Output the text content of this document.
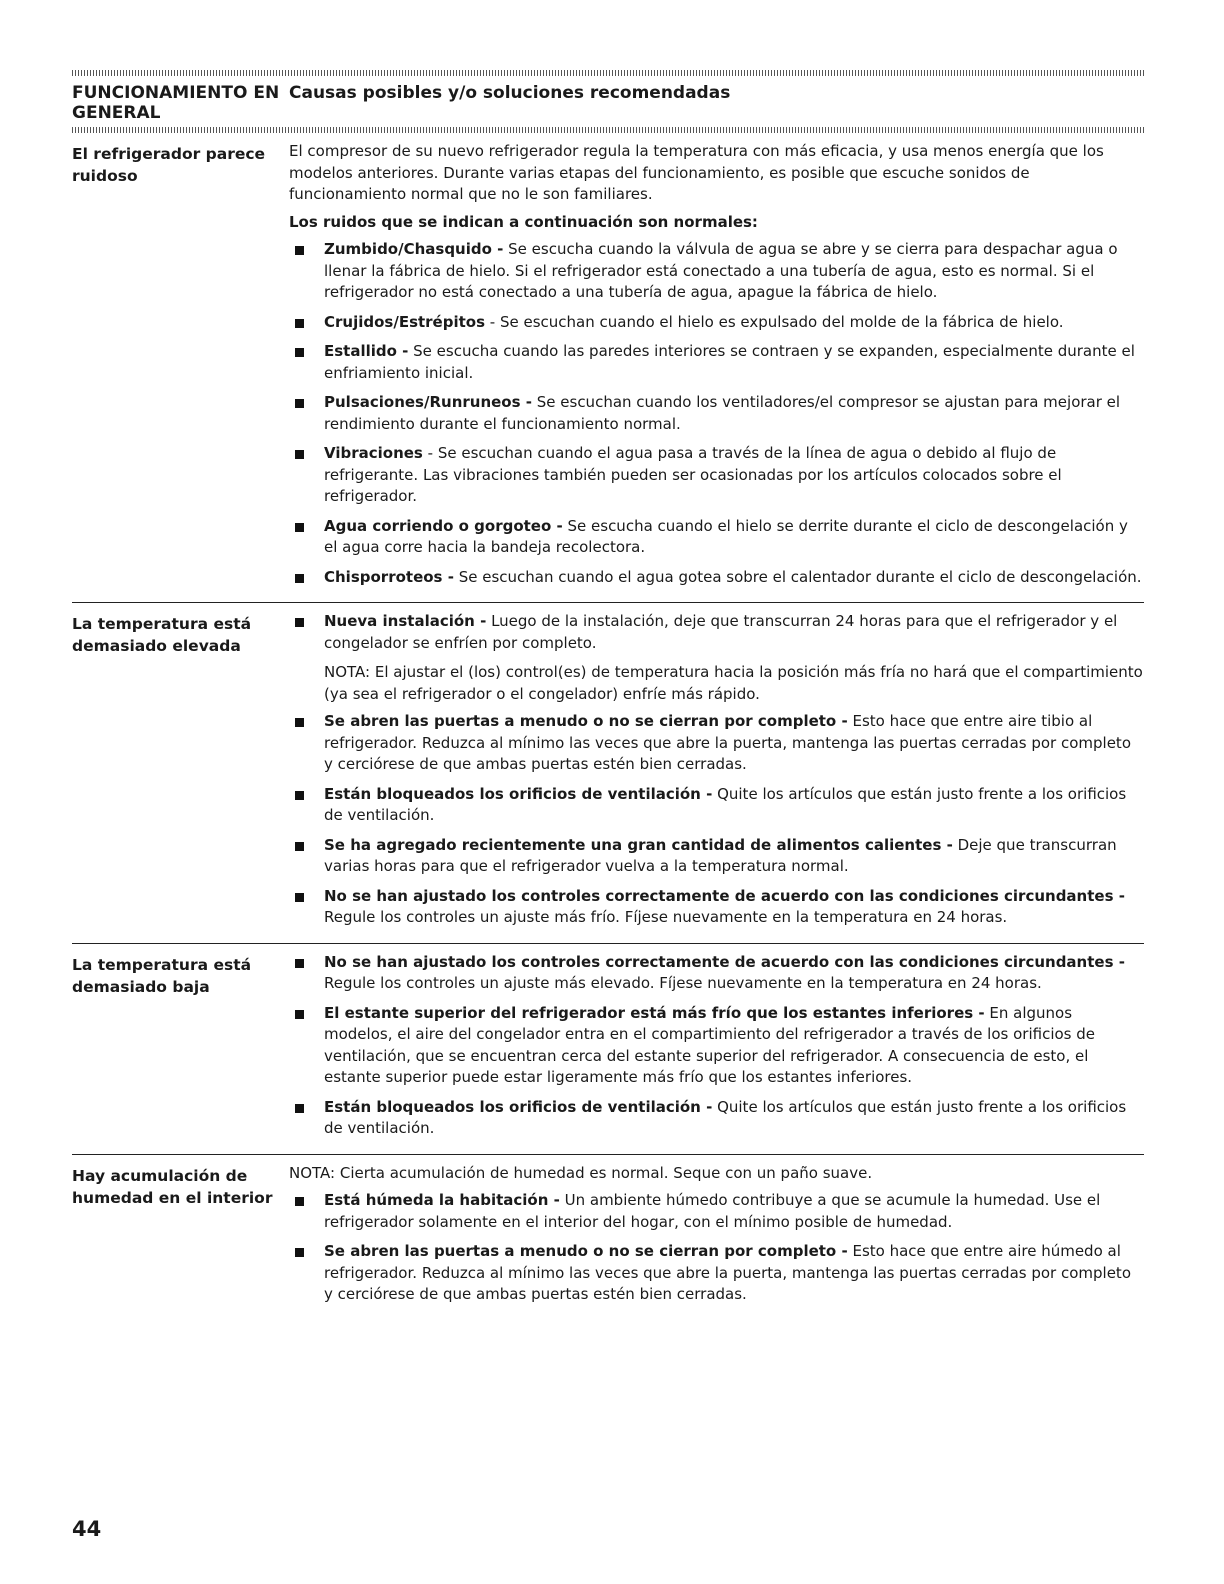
FUNCIONAMIENTO EN GENERAL
Causas posibles y/o soluciones recomendadas
El refrigerador parece ruidoso

El compresor de su nuevo refrigerador regula la temperatura con más eficacia, y usa menos energía que los modelos anteriores. Durante varias etapas del funcionamiento, es posible que escuche sonidos de funcionamiento normal que no le son familiares.

Los ruidos que se indican a continuación son normales:

Zumbido/Chasquido - Se escucha cuando la válvula de agua se abre y se cierra para despachar agua o llenar la fábrica de hielo. Si el refrigerador está conectado a una tubería de agua, esto es normal. Si el refrigerador no está conectado a una tubería de agua, apague la fábrica de hielo.
Crujidos/Estrépitos - Se escuchan cuando el hielo es expulsado del molde de la fábrica de hielo.
Estallido - Se escucha cuando las paredes interiores se contraen y se expanden, especialmente durante el enfriamiento inicial.
Pulsaciones/Runruneos - Se escuchan cuando los ventiladores/el compresor se ajustan para mejorar el rendimiento durante el funcionamiento normal.
Vibraciones - Se escuchan cuando el agua pasa a través de la línea de agua o debido al flujo de refrigerante. Las vibraciones también pueden ser ocasionadas por los artículos colocados sobre el refrigerador.
Agua corriendo o gorgoteo - Se escucha cuando el hielo se derrite durante el ciclo de descongelación y el agua corre hacia la bandeja recolectora.
Chisporroteos - Se escuchan cuando el agua gotea sobre el calentador durante el ciclo de descongelación.
La temperatura está demasiado elevada
Nueva instalación - Luego de la instalación, deje que transcurran 24 horas para que el refrigerador y el congelador se enfríen por completo.

NOTA: El ajustar el (los) control(es) de temperatura hacia la posición más fría no hará que el compartimiento (ya sea el refrigerador o el congelador) enfríe más rápido.

Se abren las puertas a menudo o no se cierran por completo - Esto hace que entre aire tibio al refrigerador. Reduzca al mínimo las veces que abre la puerta, mantenga las puertas cerradas por completo y cerciórese de que ambas puertas estén bien cerradas.
Están bloqueados los orificios de ventilación - Quite los artículos que están justo frente a los orificios de ventilación.
Se ha agregado recientemente una gran cantidad de alimentos calientes - Deje que transcurran varias horas para que el refrigerador vuelva a la temperatura normal.
No se han ajustado los controles correctamente de acuerdo con las condiciones circundantes - Regule los controles un ajuste más frío. Fíjese nuevamente en la temperatura en 24 horas.
La temperatura está demasiado baja
No se han ajustado los controles correctamente de acuerdo con las condiciones circundantes - Regule los controles un ajuste más elevado. Fíjese nuevamente en la temperatura en 24 horas.
El estante superior del refrigerador está más frío que los estantes inferiores - En algunos modelos, el aire del congelador entra en el compartimiento del refrigerador a través de los orificios de ventilación, que se encuentran cerca del estante superior del refrigerador. A consecuencia de esto, el estante superior puede estar ligeramente más frío que los estantes inferiores.
Están bloqueados los orificios de ventilación - Quite los artículos que están justo frente a los orificios de ventilación.
Hay acumulación de humedad en el interior

NOTA: Cierta acumulación de humedad es normal. Seque con un paño suave.

Está húmeda la habitación - Un ambiente húmedo contribuye a que se acumule la humedad. Use el refrigerador solamente en el interior del hogar, con el mínimo posible de humedad.
Se abren las puertas a menudo o no se cierran por completo - Esto hace que entre aire húmedo al refrigerador. Reduzca al mínimo las veces que abre la puerta, mantenga las puertas cerradas por completo y cerciórese de que ambas puertas estén bien cerradas.
44
